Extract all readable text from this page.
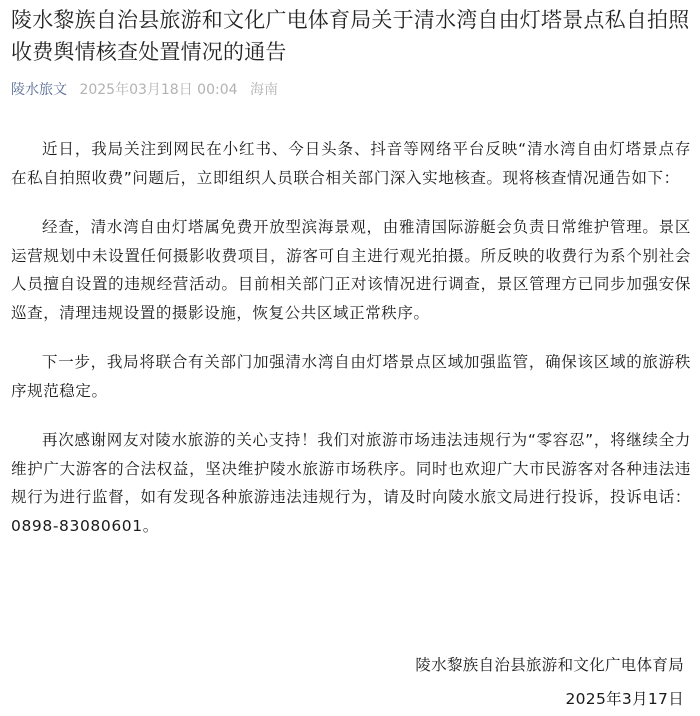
陵水黎族自治县旅游和文化广电体育局关于清水湾自由灯塔景点私自拍照收费舆情核查处置情况的通告
陵水旅文 2025年03月18日 00:04 海南

近日，我局关注到网民在小红书、今日头条、抖音等网络平台反映“清水湾自由灯塔景点存在私自拍照收费”问题后，立即组织人员联合相关部门深入实地核查。现将核查情况通告如下：

经查，清水湾自由灯塔属免费开放型滨海景观，由雅清国际游艇会负责日常维护管理。景区运营规划中未设置任何摄影收费项目，游客可自主进行观光拍摄。所反映的收费行为系个别社会人员擅自设置的违规经营活动。目前相关部门正对该情况进行调查，景区管理方已同步加强安保巡查，清理违规设置的摄影设施，恢复公共区域正常秩序。

下一步，我局将联合有关部门加强清水湾自由灯塔景点区域加强监管，确保该区域的旅游秩序规范稳定。

再次感谢网友对陵水旅游的关心支持！我们对旅游市场违法违规行为“零容忍”，将继续全力维护广大游客的合法权益，坚决维护陵水旅游市场秩序。同时也欢迎广大市民游客对各种违法违规行为进行监督，如有发现各种旅游违法违规行为，请及时向陵水旅文局进行投诉，投诉电话：0898-83080601。

陵水黎族自治县旅游和文化广电体育局
2025年3月17日
